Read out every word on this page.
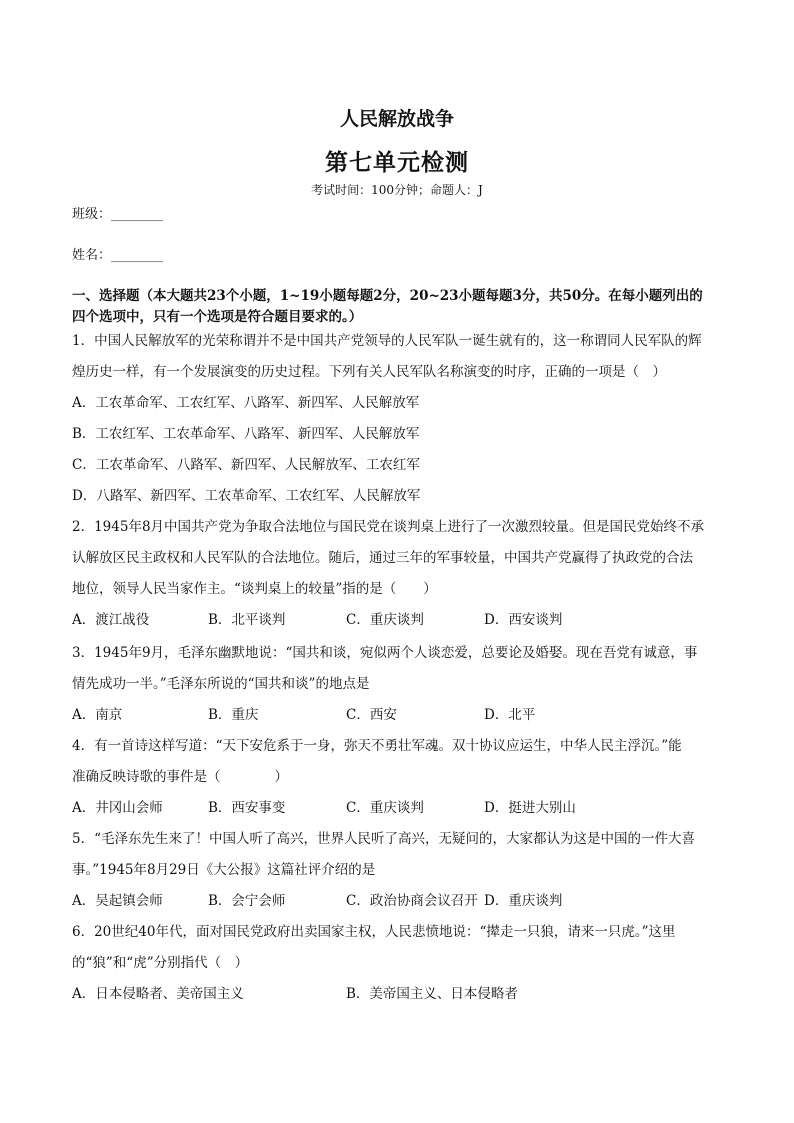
人民解放战争
第七单元检测
考试时间：100分钟；命题人：J
班级：________
姓名：________
一、选择题（本大题共23个小题，1~19小题每题2分，20~23小题每题3分，共50分。在每小题列出的
四个选项中，只有一个选项是符合题目要求的。）
1．中国人民解放军的光荣称谓并不是中国共产党领导的人民军队一诞生就有的，这一称谓同人民军队的辉
煌历史一样，有一个发展演变的历史过程。下列有关人民军队名称演变的时序，正确的一项是（　）
A．工农革命军、工农红军、八路军、新四军、人民解放军
B．工农红军、工农革命军、八路军、新四军、人民解放军
C．工农革命军、八路军、新四军、人民解放军、工农红军
D．八路军、新四军、工农革命军、工农红军、人民解放军
2．1945年8月中国共产党为争取合法地位与国民党在谈判桌上进行了一次激烈较量。但是国民党始终不承
认解放区民主政权和人民军队的合法地位。随后，通过三年的军事较量，中国共产党赢得了执政党的合法
地位，领导人民当家作主。“谈判桌上的较量”指的是（　　）
A．渡江战役	B．北平谈判	C．重庆谈判	D．西安谈判
3．1945年9月，毛泽东幽默地说：“国共和谈，宛似两个人谈恋爱，总要论及婚娶。现在吾党有诚意，事
情先成功一半。”毛泽东所说的“国共和谈”的地点是
A．南京	B．重庆	C．西安	D．北平
4．有一首诗这样写道：“天下安危系于一身，弥天不勇壮军魂。双十协议应运生，中华人民主浮沉。”能
准确反映诗歌的事件是（　　　　）
A．井冈山会师	B．西安事变	C．重庆谈判	D．挺进大别山
5．“毛泽东先生来了！中国人听了高兴，世界人民听了高兴，无疑问的，大家都认为这是中国的一件大喜
事。”1945年8月29日《大公报》这篇社评介绍的是
A．吴起镇会师	B．会宁会师	C．政治协商会议召开 D．重庆谈判
6．20世纪40年代，面对国民党政府出卖国家主权，人民悲愤地说：“撵走一只狼，请来一只虎。”这里
的“狼”和“虎”分别指代（　）
A．日本侵略者、美帝国主义	B．美帝国主义、日本侵略者
